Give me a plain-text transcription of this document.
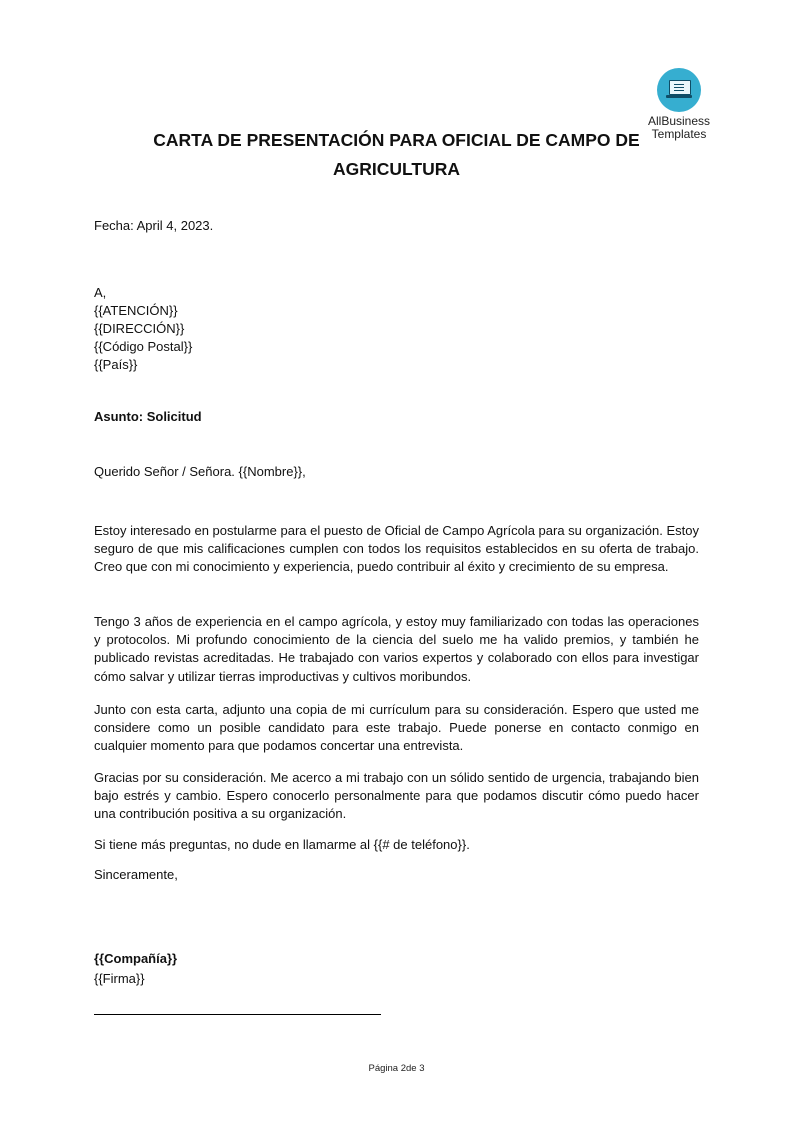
AllBusiness
Templates
CARTA DE PRESENTACIÓN PARA OFICIAL DE CAMPO DE
AGRICULTURA
Fecha: April 4, 2023.
A,
{{ATENCIÓN}}
{{DIRECCIÓN}}
{{Código Postal}}
{{País}}
Asunto: Solicitud
Querido Señor / Señora. {{Nombre}},

Estoy interesado en postularme para el puesto de Oficial de Campo Agrícola para su organización. Estoy seguro de que mis calificaciones cumplen con todos los requisitos establecidos en su oferta de trabajo. Creo que con mi conocimiento y experiencia, puedo contribuir al éxito y crecimiento de su empresa.

Tengo 3 años de experiencia en el campo agrícola, y estoy muy familiarizado con todas las operaciones y protocolos. Mi profundo conocimiento de la ciencia del suelo me ha valido premios, y también he publicado revistas acreditadas. He trabajado con varios expertos y colaborado con ellos para investigar cómo salvar y utilizar tierras improductivas y cultivos moribundos.

Junto con esta carta, adjunto una copia de mi currículum para su consideración. Espero que usted me considere como un posible candidato para este trabajo. Puede ponerse en contacto conmigo en cualquier momento para que podamos concertar una entrevista.

Gracias por su consideración. Me acerco a mi trabajo con un sólido sentido de urgencia, trabajando bien bajo estrés y cambio. Espero conocerlo personalmente para que podamos discutir cómo puedo hacer una contribución positiva a su organización.

Si tiene más preguntas, no dude en llamarme al {{# de teléfono}}.

Sinceramente,
{{Compañía}}
{{Firma}}
Página 2de 3
